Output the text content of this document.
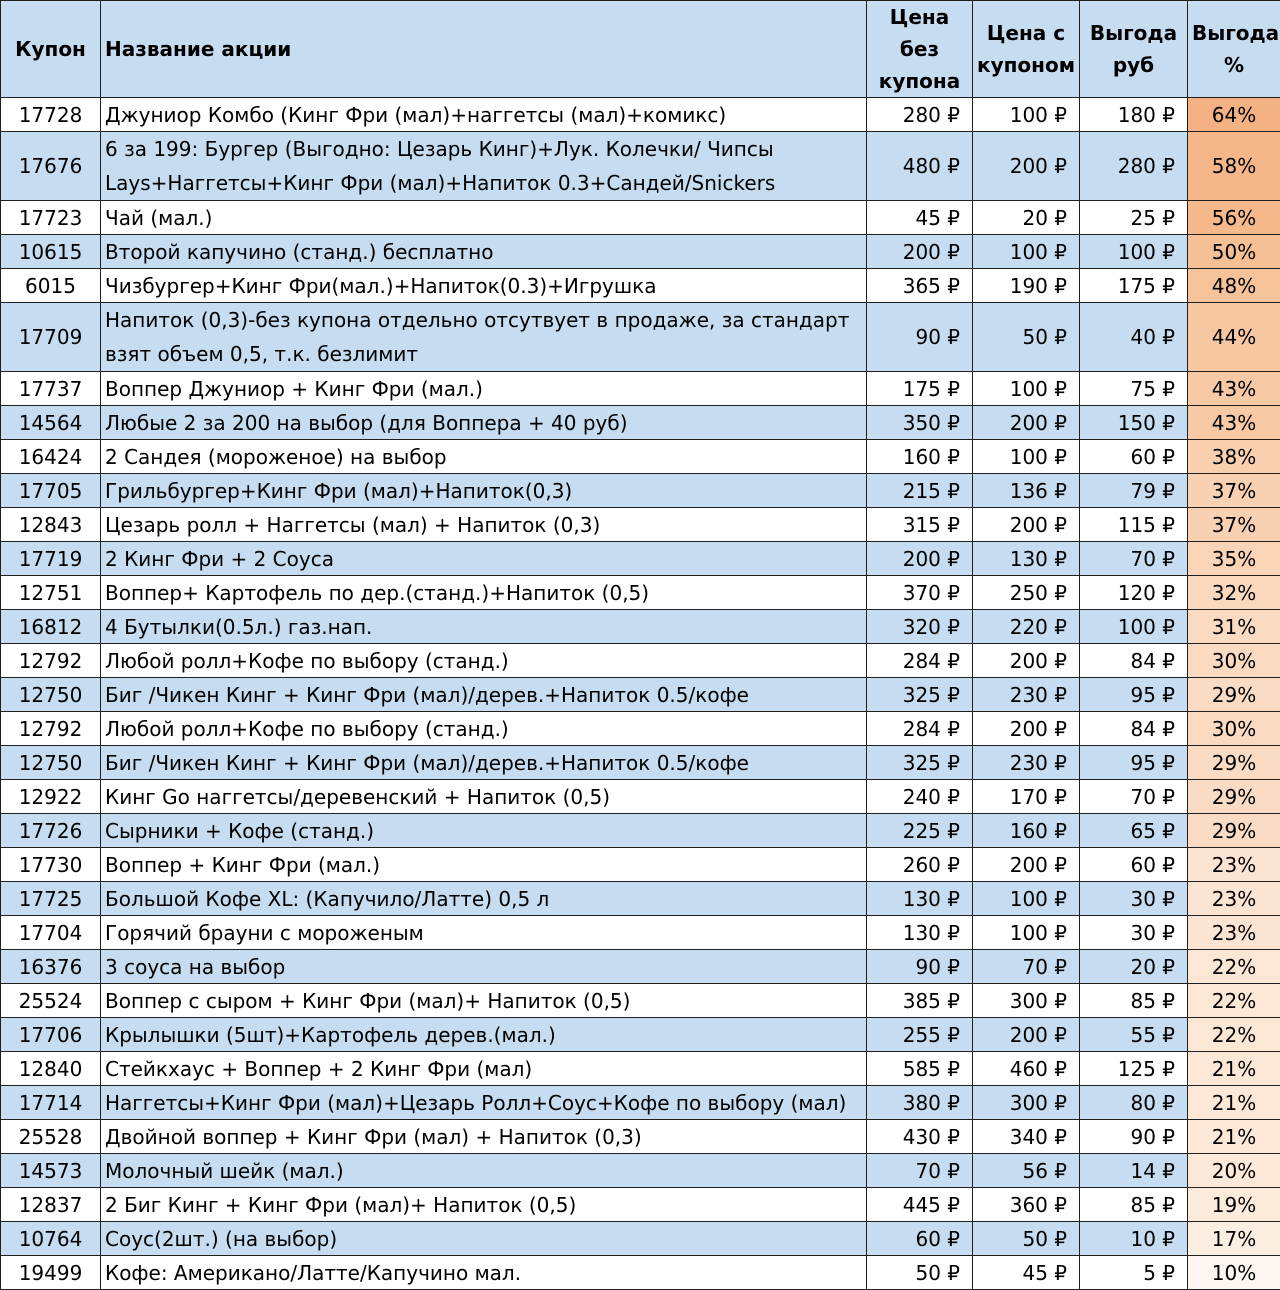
Купон	Название акции	Цена без купона	Цена с купоном	Выгода руб	Выгода %
17728	Джуниор Комбо (Кинг Фри (мал)+наггетсы (мал)+комикс)	280 ₽	100 ₽	180 ₽	64%
17676	6 за 199: Бургер (Выгодно: Цезарь Кинг)+Лук. Колечки/ Чипсы Lays+Наггетсы+Кинг Фри (мал)+Напиток 0.3+Сандей/Snickers	480 ₽	200 ₽	280 ₽	58%
17723	Чай (мал.)	45 ₽	20 ₽	25 ₽	56%
10615	Второй капучино (станд.) бесплатно	200 ₽	100 ₽	100 ₽	50%
6015	Чизбургер+Кинг Фри(мал.)+Напиток(0.3)+Игрушка	365 ₽	190 ₽	175 ₽	48%
17709	Напиток (0,3)-без купона отдельно отсутвует в продаже, за стандарт взят объем 0,5, т.к. безлимит	90 ₽	50 ₽	40 ₽	44%
17737	Воппер Джуниор + Кинг Фри (мал.)	175 ₽	100 ₽	75 ₽	43%
14564	Любые 2 за 200 на выбор (для Воппера + 40 руб)	350 ₽	200 ₽	150 ₽	43%
16424	2 Сандея (мороженое) на выбор	160 ₽	100 ₽	60 ₽	38%
17705	Грильбургер+Кинг Фри (мал)+Напиток(0,3)	215 ₽	136 ₽	79 ₽	37%
12843	Цезарь ролл + Наггетсы (мал) + Напиток (0,3)	315 ₽	200 ₽	115 ₽	37%
17719	2 Кинг Фри + 2 Соуса	200 ₽	130 ₽	70 ₽	35%
12751	Воппер+ Картофель по дер.(станд.)+Напиток (0,5)	370 ₽	250 ₽	120 ₽	32%
16812	4 Бутылки(0.5л.) газ.нап.	320 ₽	220 ₽	100 ₽	31%
12792	Любой ролл+Кофе по выбору (станд.)	284 ₽	200 ₽	84 ₽	30%
12750	Биг /Чикен Кинг + Кинг Фри (мал)/дерев.+Напиток 0.5/кофе	325 ₽	230 ₽	95 ₽	29%
12792	Любой ролл+Кофе по выбору (станд.)	284 ₽	200 ₽	84 ₽	30%
12750	Биг /Чикен Кинг + Кинг Фри (мал)/дерев.+Напиток 0.5/кофе	325 ₽	230 ₽	95 ₽	29%
12922	Кинг Go наггетсы/деревенский + Напиток (0,5)	240 ₽	170 ₽	70 ₽	29%
17726	Сырники + Кофе (станд.)	225 ₽	160 ₽	65 ₽	29%
17730	Воппер + Кинг Фри (мал.)	260 ₽	200 ₽	60 ₽	23%
17725	Большой Кофе XL: (Капучило/Латте) 0,5 л	130 ₽	100 ₽	30 ₽	23%
17704	Горячий брауни с мороженым	130 ₽	100 ₽	30 ₽	23%
16376	3 соуса на выбор	90 ₽	70 ₽	20 ₽	22%
25524	Воппер с сыром + Кинг Фри (мал)+ Напиток (0,5)	385 ₽	300 ₽	85 ₽	22%
17706	Крылышки (5шт)+Картофель дерев.(мал.)	255 ₽	200 ₽	55 ₽	22%
12840	Стейкхаус + Воппер + 2 Кинг Фри (мал)	585 ₽	460 ₽	125 ₽	21%
17714	Наггетсы+Кинг Фри (мал)+Цезарь Ролл+Соус+Кофе по выбору (мал)	380 ₽	300 ₽	80 ₽	21%
25528	Двойной воппер + Кинг Фри (мал) + Напиток (0,3)	430 ₽	340 ₽	90 ₽	21%
14573	Молочный шейк (мал.)	70 ₽	56 ₽	14 ₽	20%
12837	2 Биг Кинг + Кинг Фри (мал)+ Напиток (0,5)	445 ₽	360 ₽	85 ₽	19%
10764	Соус(2шт.) (на выбор)	60 ₽	50 ₽	10 ₽	17%
19499	Кофе: Американо/Латте/Капучино мал.	50 ₽	45 ₽	5 ₽	10%
